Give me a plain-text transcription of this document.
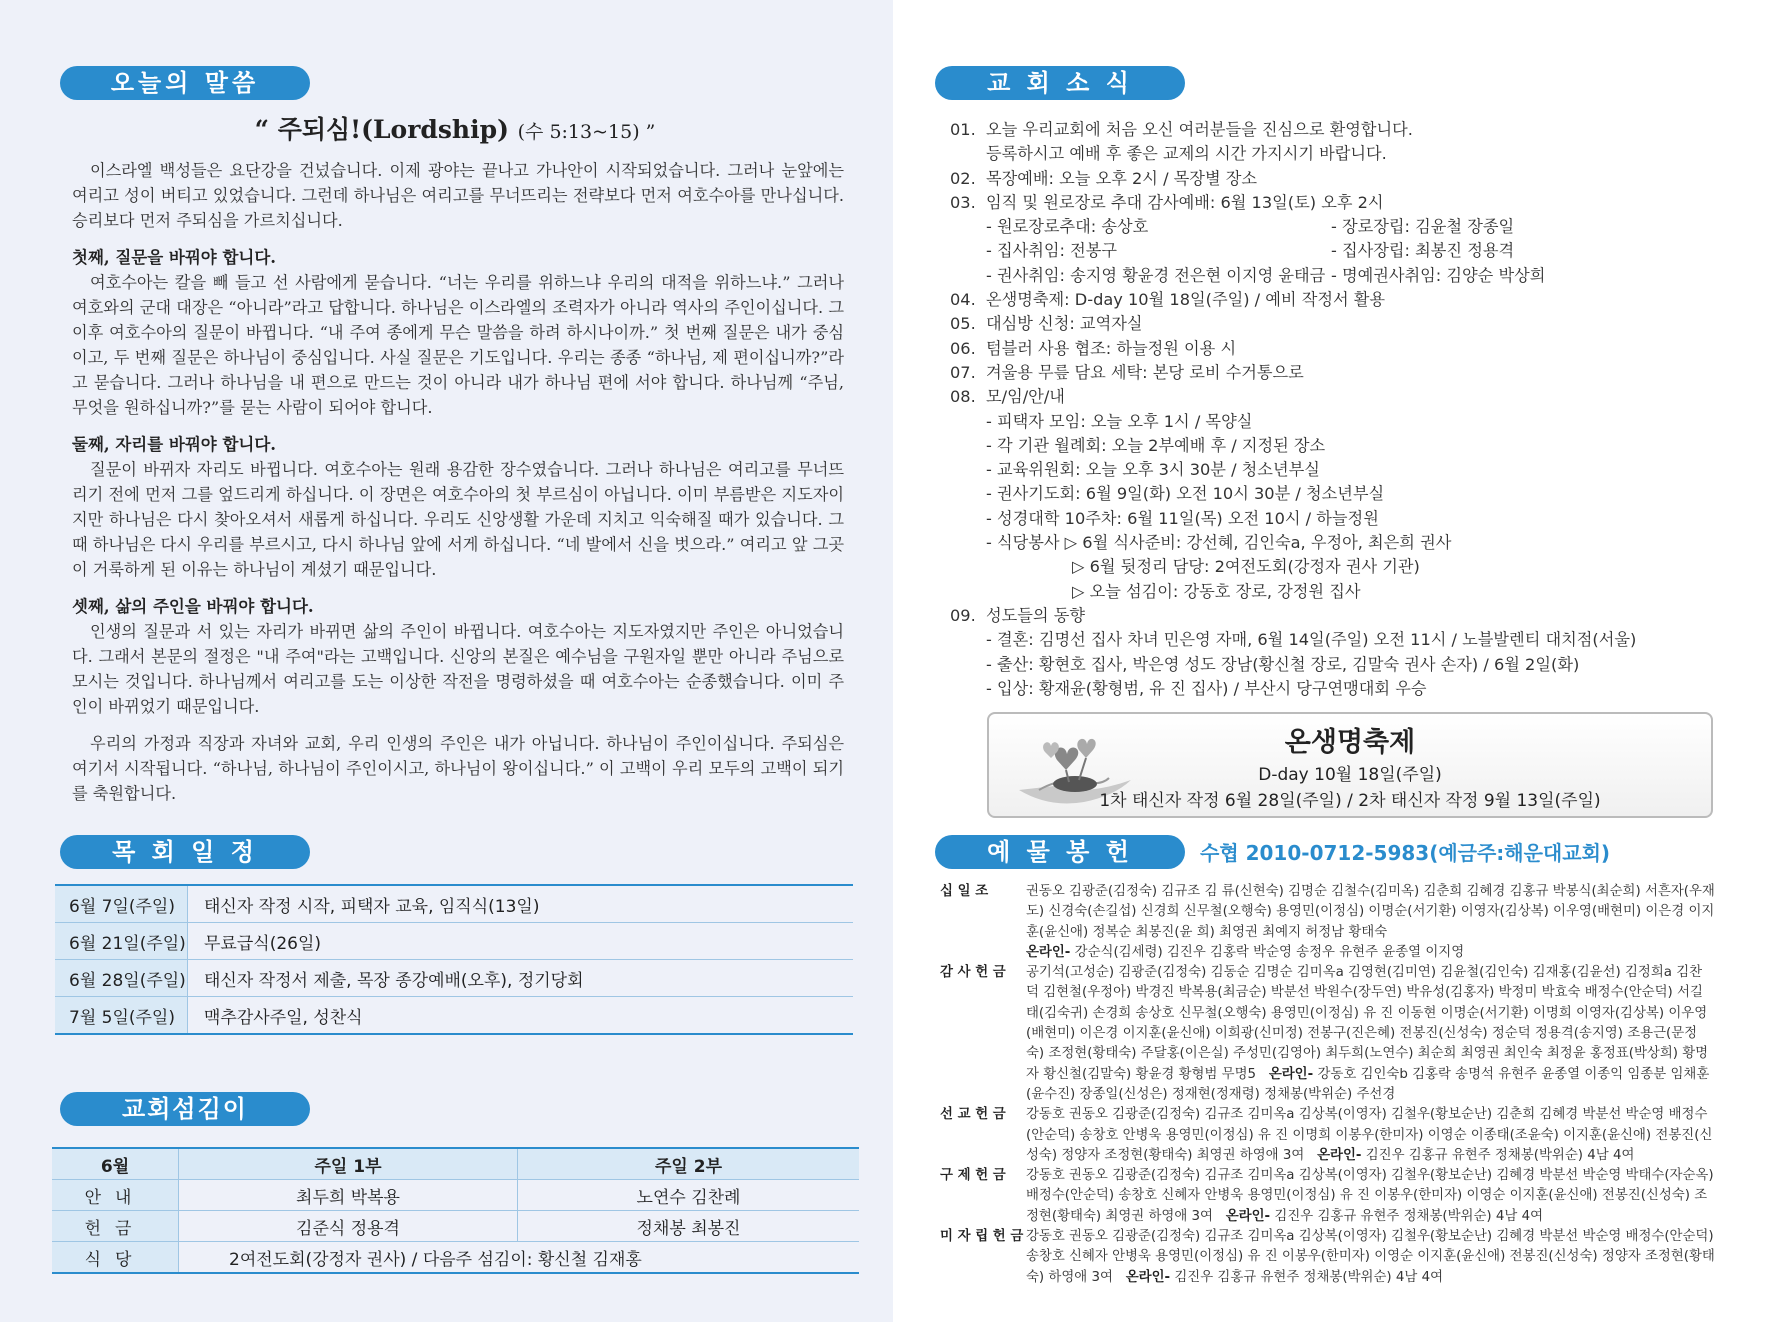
오늘의 말씀
“ 주되심!(Lordship) (수 5:13~15) ”

이스라엘 백성들은 요단강을 건넜습니다. 이제 광야는 끝나고 가나안이 시작되었습니다. 그러나 눈앞에는 여리고 성이 버티고 있었습니다. 그런데 하나님은 여리고를 무너뜨리는 전략보다 먼저 여호수아를 만나십니다. 승리보다 먼저 주되심을 가르치십니다.

첫째, 질문을 바꿔야 합니다.

여호수아는 칼을 빼 들고 선 사람에게 묻습니다. “너는 우리를 위하느냐 우리의 대적을 위하느냐.” 그러나 여호와의 군대 대장은 “아니라”라고 답합니다. 하나님은 이스라엘의 조력자가 아니라 역사의 주인이십니다. 그 이후 여호수아의 질문이 바뀝니다. “내 주여 종에게 무슨 말씀을 하려 하시나이까.” 첫 번째 질문은 내가 중심이고, 두 번째 질문은 하나님이 중심입니다. 사실 질문은 기도입니다. 우리는 종종 “하나님, 제 편이십니까?”라고 묻습니다. 그러나 하나님을 내 편으로 만드는 것이 아니라 내가 하나님 편에 서야 합니다. 하나님께 “주님, 무엇을 원하십니까?”를 묻는 사람이 되어야 합니다.

둘째, 자리를 바꿔야 합니다.

질문이 바뀌자 자리도 바뀝니다. 여호수아는 원래 용감한 장수였습니다. 그러나 하나님은 여리고를 무너뜨리기 전에 먼저 그를 엎드리게 하십니다. 이 장면은 여호수아의 첫 부르심이 아닙니다. 이미 부름받은 지도자이지만 하나님은 다시 찾아오셔서 새롭게 하십니다. 우리도 신앙생활 가운데 지치고 익숙해질 때가 있습니다. 그때 하나님은 다시 우리를 부르시고, 다시 하나님 앞에 서게 하십니다. “네 발에서 신을 벗으라.” 여리고 앞 그곳이 거룩하게 된 이유는 하나님이 계셨기 때문입니다.

셋째, 삶의 주인을 바꿔야 합니다.

인생의 질문과 서 있는 자리가 바뀌면 삶의 주인이 바뀝니다. 여호수아는 지도자였지만 주인은 아니었습니다. 그래서 본문의 절정은 "내 주여"라는 고백입니다. 신앙의 본질은 예수님을 구원자일 뿐만 아니라 주님으로 모시는 것입니다. 하나님께서 여리고를 도는 이상한 작전을 명령하셨을 때 여호수아는 순종했습니다. 이미 주인이 바뀌었기 때문입니다.

우리의 가정과 직장과 자녀와 교회, 우리 인생의 주인은 내가 아닙니다. 하나님이 주인이십니다. 주되심은 여기서 시작됩니다. “하나님, 하나님이 주인이시고, 하나님이 왕이십니다.” 이 고백이 우리 모두의 고백이 되기를 축원합니다.

목 회 일 정
6월 7일(주일)	태신자 작정 시작, 피택자 교육, 임직식(13일)
6월 21일(주일)	무료급식(26일)
6월 28일(주일)	태신자 작정서 제출, 목장 종강예배(오후), 정기당회
7월 5일(주일)	맥추감사주일, 성찬식
교회섬김이
6월	주일 1부	주일 2부
안내	최두희 박복용	노연수 김찬례
헌금	김준식 정용격	정채봉 최봉진
식당	2여전도회(강정자 권사) / 다음주 섬김이: 황신철 김재홍	
교 회 소 식
01. 오늘 우리교회에 처음 오신 여러분들을 진심으로 환영합니다.
등록하시고 예배 후 좋은 교제의 시간 가지시기 바랍니다.
02. 목장예배: 오늘 오후 2시 / 목장별 장소
03. 임직 및 원로장로 추대 감사예배: 6월 13일(토) 오후 2시
- 원로장로추대: 송상호	- 장로장립: 김윤철 장종일
- 집사취임: 전봉구	- 집사장립: 최봉진 정용격
- 권사취임: 송지영 황윤경 전은현 이지영 윤태금 - 명예권사취임: 김양순 박상희
04. 온생명축제: D-day 10월 18일(주일) / 예비 작정서 활용
05. 대심방 신청: 교역자실
06. 텀블러 사용 협조: 하늘정원 이용 시
07. 겨울용 무릎 담요 세탁: 본당 로비 수거통으로
08. 모/임/안/내
- 피택자 모임: 오늘 오후 1시 / 목양실
- 각 기관 월례회: 오늘 2부예배 후 / 지정된 장소
- 교육위원회: 오늘 오후 3시 30분 / 청소년부실
- 권사기도회: 6월 9일(화) 오전 10시 30분 / 청소년부실
- 성경대학 10주차: 6월 11일(목) 오전 10시 / 하늘정원
- 식당봉사 ▷ 6월 식사준비: 강선혜, 김인숙a, 우정아, 최은희 권사
▷ 6월 뒷정리 담당: 2여전도회(강정자 권사 기관)
▷ 오늘 섬김이: 강동호 장로, 강정원 집사
09. 성도들의 동향
- 결혼: 김명선 집사 차녀 민은영 자매, 6월 14일(주일) 오전 11시 / 노블발렌티 대치점(서울)
- 출산: 황현호 집사, 박은영 성도 장남(황신철 장로, 김말숙 권사 손자) / 6월 2일(화)
- 입상: 황재윤(황형범, 유 진 집사) / 부산시 당구연맹대회 우승
온생명축제
D-day 10월 18일(주일)
1차 태신자 작정 6월 28일(주일) / 2차 태신자 작정 9월 13일(주일)
예 물 봉 헌	수협 2010-0712-5983(예금주:해운대교회)
십 일 조	권동오 김광준(김정숙) 김규조 김 류(신현숙) 김명순 김철수(김미옥) 김춘희 김혜경 김홍규 박봉식(최순희) 서흔자(우재도) 신경숙(손길섭) 신경희 신무철(오행숙) 용영민(이정심) 이명순(서기환) 이영자(김상복) 이우영(배현미) 이은경 이지훈(윤신애) 정복순 최봉진(윤 희) 최영권 최예지 허정남 황태숙
온라인- 강순식(김세령) 김진우 김홍락 박순영 송정우 유현주 윤종열 이지영
감 사 헌 금	공기석(고성순) 김광준(김정숙) 김동순 김명순 김미옥a 김영현(김미연) 김윤철(김인숙) 김재홍(김윤선) 김정희a 김찬덕 김현철(우정아) 박경진 박복용(최금순) 박분선 박원수(장두연) 박유성(김홍자) 박정미 박효숙 배정수(안순덕) 서길태(김숙귀) 손경희 송상호 신무철(오행숙) 용영민(이정심) 유 진 이동현 이명순(서기환) 이명희 이영자(김상복) 이우영(배현미) 이은경 이지훈(윤신애) 이희광(신미정) 전봉구(진은혜) 전봉진(신성숙) 정순덕 정용격(송지영) 조용근(문정숙) 조정현(황태숙) 주달홍(이은실) 주성민(김영아) 최두희(노연수) 최순희 최영권 최인숙 최정윤 홍정표(박상희) 황명자 황신철(김말숙) 황윤경 황형범 무명5 온라인- 강동호 김인숙b 김홍락 송명석 유현주 윤종열 이종익 임종분 임채훈(윤수진) 장종일(신성은) 정재현(정재령) 정채봉(박위순) 주선경
선 교 헌 금	강동호 권동오 김광준(김정숙) 김규조 김미옥a 김상복(이영자) 김철우(황보순난) 김춘희 김혜경 박분선 박순영 배정수(안순덕) 송창호 안병욱 용영민(이정심) 유 진 이명희 이봉우(한미자) 이영순 이종태(조윤숙) 이지훈(윤신애) 전봉진(신성숙) 정양자 조정현(황태숙) 최영권 하영애 3여 온라인- 김진우 김홍규 유현주 정채봉(박위순) 4남 4여
구 제 헌 금	강동호 권동오 김광준(김정숙) 김규조 김미옥a 김상복(이영자) 김철우(황보순난) 김혜경 박분선 박순영 박태수(자순옥) 배정수(안순덕) 송창호 신혜자 안병욱 용영민(이정심) 유 진 이봉우(한미자) 이영순 이지훈(윤신애) 전봉진(신성숙) 조정현(황태숙) 최영권 하영애 3여 온라인- 김진우 김홍규 유현주 정채봉(박위순) 4남 4여
미 자 립 헌 금 강동호 권동오 김광준(김정숙) 김규조 김미옥a 김상복(이영자) 김철우(황보순난) 김혜경 박분선 박순영 배정수(안순덕) 송창호 신혜자 안병욱 용영민(이정심) 유 진 이봉우(한미자) 이영순 이지훈(윤신애) 전봉진(신성숙) 정양자 조정현(황태숙) 하영애 3여 온라인- 김진우 김홍규 유현주 정채봉(박위순) 4남 4여
